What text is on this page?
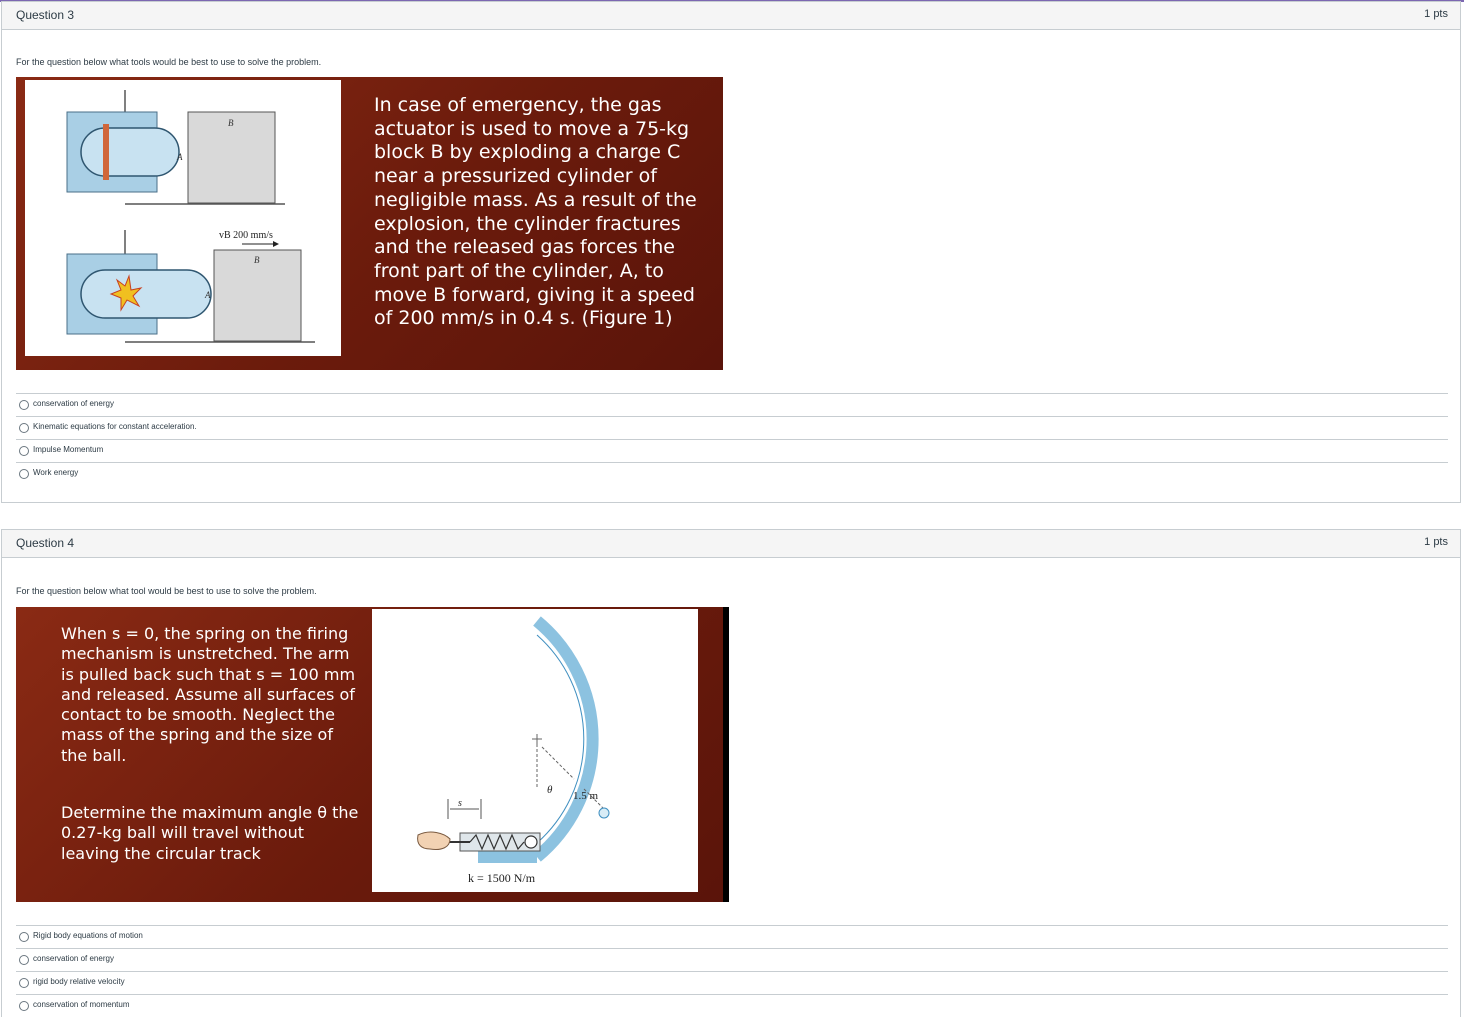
Question 3	1 pts
For the question below what tools would be best to use to solve the problem.
B
A
A
B
vB 200 mm/s
In case of emergency, the gas actuator is used to move a 75-kg block B by exploding a charge C near a pressurized cylinder of negligible mass. As a result of the explosion, the cylinder fractures and the released gas forces the front part of the cylinder, A, to move B forward, giving it a speed of 200 mm/s in 0.4 s. (Figure 1)
conservation of energy
Kinematic equations for constant acceleration.
Impulse Momentum
Work energy
Question 4	1 pts
For the question below what tool would be best to use to solve the problem.
When s = 0, the spring on the firing mechanism is unstretched. The arm is pulled back such that s = 100 mm and released. Assume all surfaces of contact to be smooth. Neglect the mass of the spring and the size of the ball.
Determine the maximum angle θ the 0.27-kg ball will travel without leaving the circular track
θ 1.5 m
s
k = 1500 N/m
Rigid body equations of motion
conservation of energy
rigid body relative velocity
conservation of momentum
